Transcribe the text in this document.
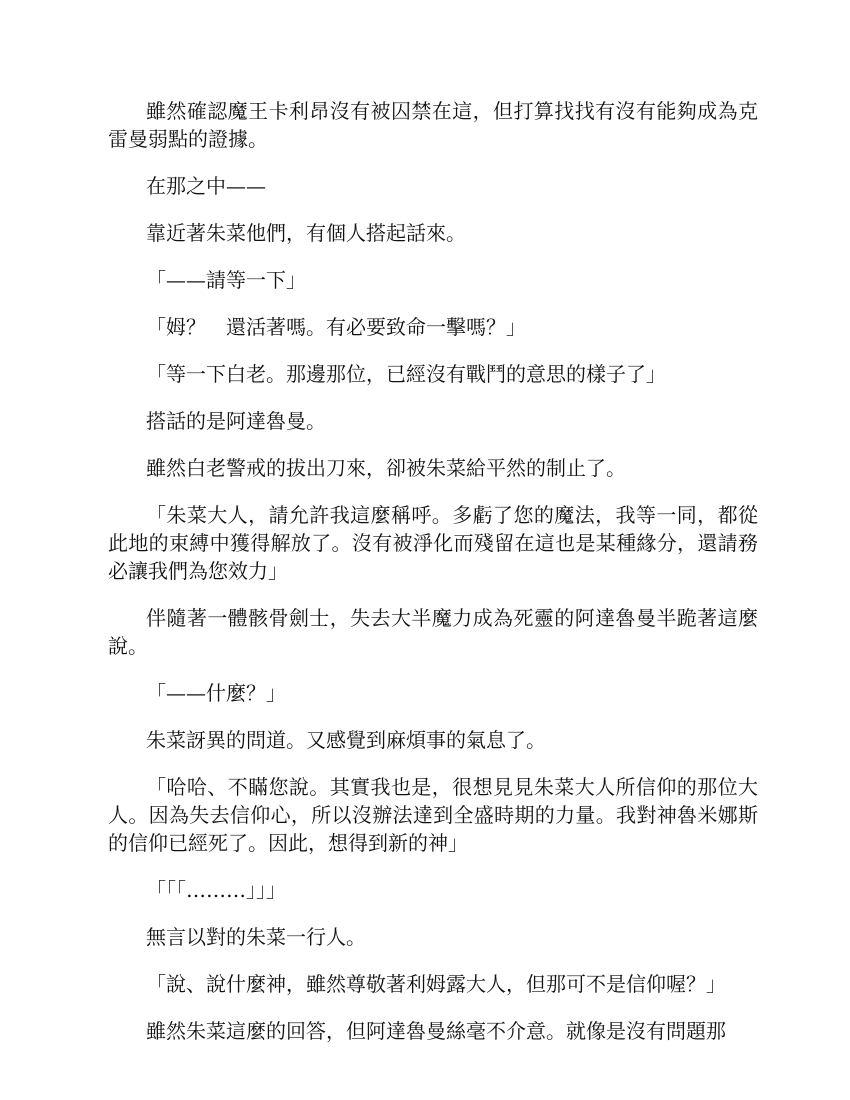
雖然確認魔王卡利昂沒有被囚禁在這，但打算找找有沒有能夠成為克雷曼弱點的證據。

在那之中——

靠近著朱菜他們，有個人搭起話來。

「——請等一下」

「姆？　還活著嗎。有必要致命一擊嗎？」

「等一下白老。那邊那位，已經沒有戰鬥的意思的樣子了」

搭話的是阿達魯曼。

雖然白老警戒的拔出刀來，卻被朱菜給平然的制止了。

「朱菜大人，請允許我這麼稱呼。多虧了您的魔法，我等一同，都從此地的束縛中獲得解放了。沒有被淨化而殘留在這也是某種緣分，還請務必讓我們為您效力」

伴隨著一體骸骨劍士，失去大半魔力成為死靈的阿達魯曼半跪著這麼說。

「——什麼？」

朱菜訝異的問道。又感覺到麻煩事的氣息了。

「哈哈、不瞞您說。其實我也是，很想見見朱菜大人所信仰的那位大人。因為失去信仰心，所以沒辦法達到全盛時期的力量。我對神魯米娜斯的信仰已經死了。因此，想得到新的神」

「「「………」」」

無言以對的朱菜一行人。

「說、說什麼神，雖然尊敬著利姆露大人，但那可不是信仰喔？」

雖然朱菜這麼的回答，但阿達魯曼絲毫不介意。就像是沒有問題那
